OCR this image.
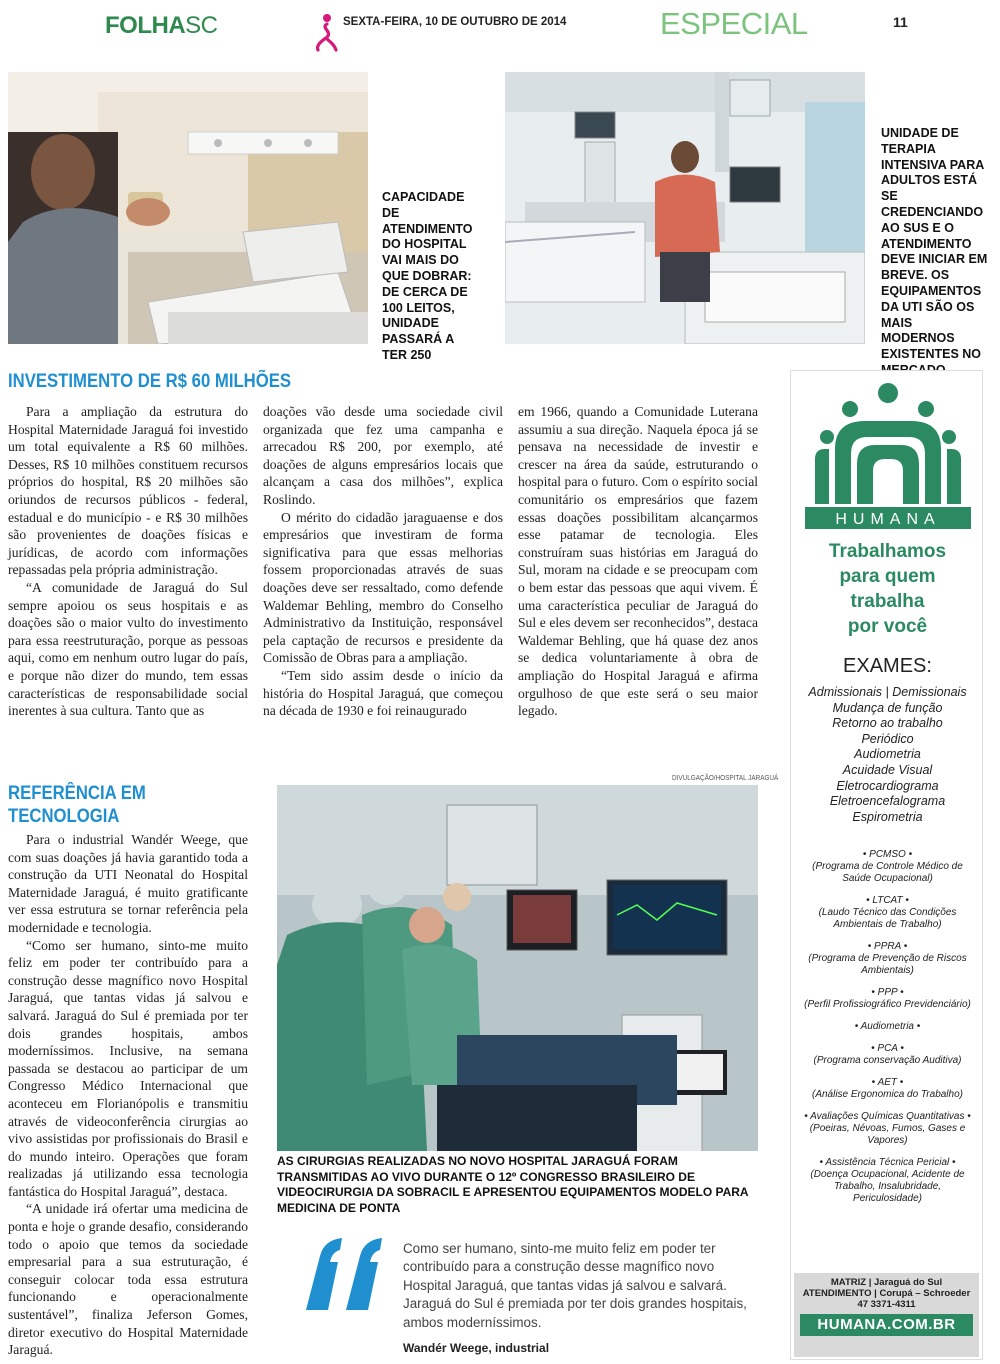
FOLHASC	SEXTA-FEIRA, 10 DE OUTUBRO DE 2014	ESPECIAL	11
CAPACIDADE DE ATENDIMENTO DO HOSPITAL VAI MAIS DO QUE DOBRAR: DE CERCA DE 100 LEITOS, UNIDADE PASSARÁ A TER 250
UNIDADE DE TERAPIA INTENSIVA PARA ADULTOS ESTÁ SE CREDENCIANDO AO SUS E O ATENDIMENTO DEVE INICIAR EM BREVE. OS EQUIPAMENTOS DA UTI SÃO OS MAIS MODERNOS EXISTENTES NO
INVESTIMENTO DE R$ 60 MILHÕES

Para a ampliação da estrutura do Hospital Maternidade Jaraguá foi investido um total equivalente a R$ 60 milhões. Desses, R$ 10 milhões constituem recursos próprios do hospital, R$ 20 milhões são oriundos de recursos públicos - federal, estadual e do município - e R$ 30 milhões são provenientes de doações físicas e jurídicas, de acordo com informações repassadas pela própria administração.

“A comunidade de Jaraguá do Sul sempre apoiou os seus hospitais e as doações são o maior vulto do investimento para essa reestruturação, porque as pessoas aqui, como em nenhum outro lugar do país, e porque não dizer do mundo, tem essas características de responsabilidade social inerentes à sua cultura. Tanto que as

doações vão desde uma sociedade civil organizada que fez uma campanha e arrecadou R$ 200, por exemplo, até doações de alguns empresários locais que alcançam a casa dos milhões”, explica Roslindo.

O mérito do cidadão jaraguaense e dos empresários que investiram de forma significativa para que essas melhorias fossem proporcionadas através de suas doações deve ser ressaltado, como defende Waldemar Behling, membro do Conselho Administrativo da Instituição, responsável pela captação de recursos e presidente da Comissão de Obras para a ampliação.

“Tem sido assim desde o início da história do Hospital Jaraguá, que começou na década de 1930 e foi reinaugurado

em 1966, quando a Comunidade Luterana assumiu a sua direção. Naquela época já se pensava na necessidade de investir e crescer na área da saúde, estruturando o hospital para o futuro. Com o espírito social comunitário os empresários que fazem essas doações possibilitam alcançarmos esse patamar de tecnologia. Eles construíram suas histórias em Jaraguá do Sul, moram na cidade e se preocupam com o bem estar das pessoas que aqui vivem. É uma característica peculiar de Jaraguá do Sul e eles devem ser reconhecidos”, destaca Waldemar Behling, que há quase dez anos se dedica voluntariamente à obra de ampliação do Hospital Jaraguá e afirma orgulhoso de que este será o seu maior legado.

REFERÊNCIA EM
TECNOLOGIA

Para o industrial Wandér Weege, que com suas doações já havia garantido toda a construção da UTI Neonatal do Hospital Maternidade Jaraguá, é muito gratificante ver essa estrutura se tornar referência pela modernidade e tecnologia.

“Como ser humano, sinto-me muito feliz em poder ter contribuído para a construção desse magnífico novo Hospital Jaraguá, que tantas vidas já salvou e salvará. Jaraguá do Sul é premiada por ter dois grandes hospitais, ambos moderníssimos. Inclusive, na semana passada se destacou ao participar de um Congresso Médico Internacional que aconteceu em Florianópolis e transmitiu através de videoconferência cirurgias ao vivo assistidas por profissionais do Brasil e do mundo inteiro. Operações que foram realizadas já utilizando essa tecnologia fantástica do Hospital Jaraguá”, destaca.

“A unidade irá ofertar uma medicina de ponta e hoje o grande desafio, considerando todo o apoio que temos da sociedade empresarial para a sua estruturação, é conseguir colocar toda essa estrutura funcionando e operacionalmente sustentável”, finaliza Jeferson Gomes, diretor executivo do Hospital Maternidade Jaraguá.

DIVULGAÇÃO/HOSPITAL JARAGUÁ
AS CIRURGIAS REALIZADAS NO NOVO HOSPITAL JARAGUÁ FORAM TRANSMITIDAS AO VIVO DURANTE O 12º CONGRESSO BRASILEIRO DE VIDEOCIRURGIA DA SOBRACIL E APRESENTOU EQUIPAMENTOS MODELO PARA MEDICINA DE PONTA
Como ser humano, sinto-me muito feliz em poder ter contribuído para a construção desse magnífico novo Hospital Jaraguá, que tantas vidas já salvou e salvará. Jaraguá do Sul é premiada por ter dois grandes hospitais, ambos moderníssimos.
Wandér Weege, industrial
HUMANA
Trabalhamos
para quem
trabalha
por você
EXAMES:
Admissionais | Demissionais
Mudança de função
Retorno ao trabalho
Periódico
Audiometria
Acuidade Visual
Eletrocardiograma
Eletroencefalograma
Espirometria
• PCMSO •
(Programa de Controle Médico de Saúde Ocupacional)
• LTCAT •
(Laudo Técnico das Condições Ambientais de Trabalho)
• PPRA •
(Programa de Prevenção de Riscos Ambientais)
• PPP •
(Perfil Profissiográfico Previdenciário)
• Audiometria •
• PCA •
(Programa conservação Auditiva)
• AET •
(Análise Ergonomica do Trabalho)
• Avaliações Químicas Quantitativas •
(Poeiras, Névoas, Fumos, Gases e Vapores)
• Assistência Técnica Pericial •
(Doença Ocupacional, Acidente de Trabalho, Insalubridade, Periculosidade)
MATRIZ | Jaraguá do Sul
ATENDIMENTO | Corupá – Schroeder
47 3371-4311
HUMANA.COM.BR
